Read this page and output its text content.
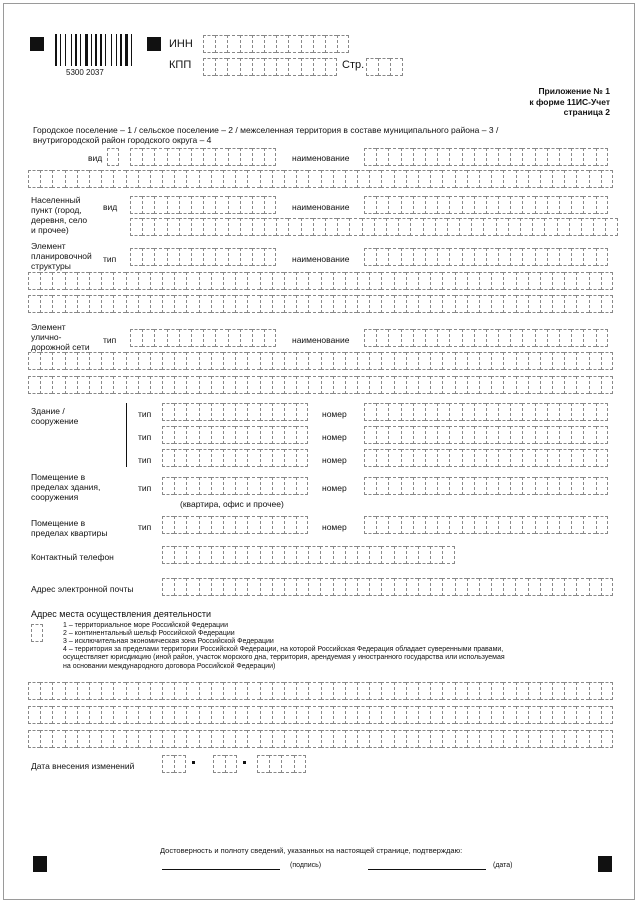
5300 2037
ИНН
КПП	Стр.
Приложение № 1
к форме 11ИС-Учет
страница 2
Городское поселение – 1 / сельское поселение – 2 / межселенная территория в составе муниципального района – 3 /
внутригородской район городского округа – 4
вид	наименование
Населенный
пункт (город,
деревня, село
и прочее)
вид	наименование
Элемент
планировочной
структуры
тип	наименование
Элемент
улично-
дорожной сети
тип	наименование
Здание /
сооружение
тип	номер
тип	номер
тип	номер
Помещение в
пределах здания,
сооружения
тип	номер
(квартира, офис и прочее)
Помещение в
пределах квартиры
тип	номер
Контактный телефон
Адрес электронной почты
Адрес места осуществления деятельности
1 – территориальное море Российской Федерации
2 – континентальный шельф Российской Федерации
3 – исключительная экономическая зона Российской Федерации
4 – территория за пределами территории Российской Федерации, на которой Российская Федерация обладает суверенными правами,
осуществляет юрисдикцию (иной район, участок морского дна, территория, арендуемая у иностранного государства или используемая
на основании международного договора Российской Федерации)
Дата внесения изменений
Достоверность и полноту сведений, указанных на настоящей странице, подтверждаю:
(подпись)	(дата)
